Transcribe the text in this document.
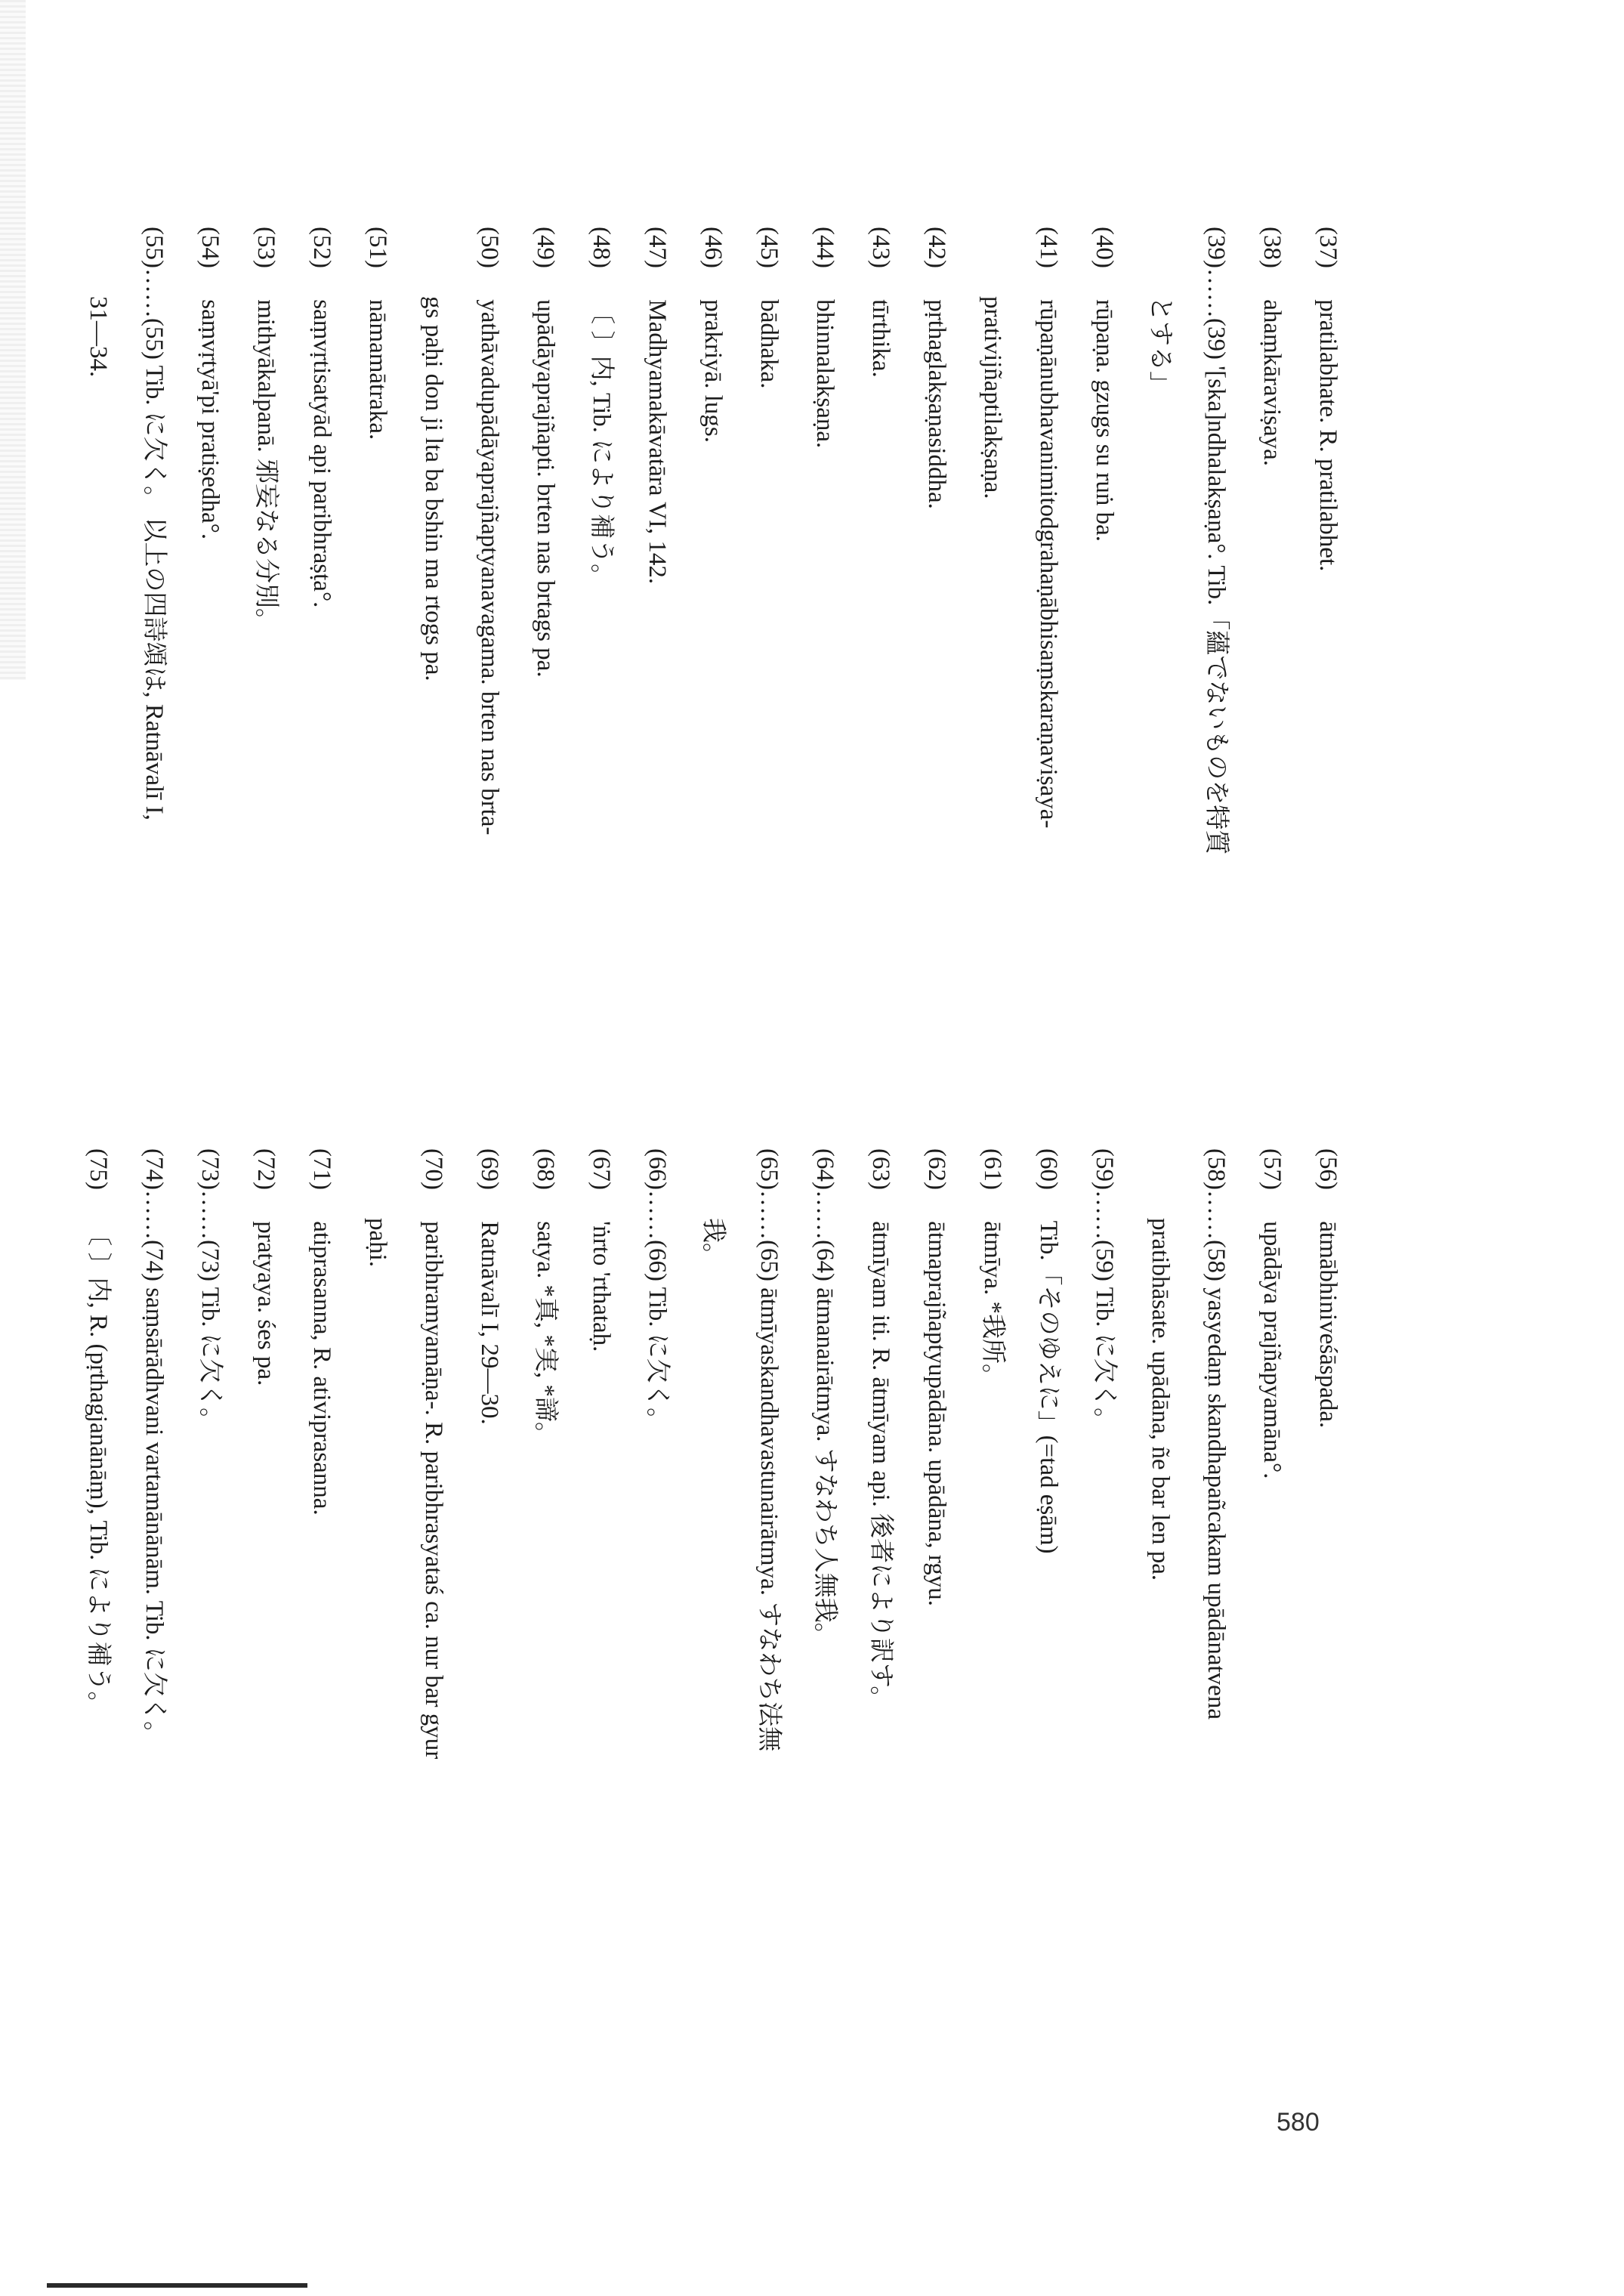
(37) pratilabhate. R. pratilabhet.
(38) ahaṃkāraviṣaya.
(39)……(39) '[ska]ndhalakṣaṇa°. Tib.「蘊でないものを特質
とする」
(40) rūpaṇa. gzugs su ruṅ ba.
(41) rūpaṇānubhavanimitodgrahaṇābhisaṃskaraṇaviṣaya-
prativijñaptilakṣaṇa.
(42) pṛthaglakṣaṇasiddha.
(43) tīrthika.
(44) bhinnalakṣaṇa.
(45) bādhaka.
(46) prakriyā. lugs.
(47) Madhyamakāvatāra VI, 142.
(48) 〔 〕内, Tib. により補う。
(49) upādāyaprajñapti. brten nas brtags pa.
(50) yathāvadupādāyaprajñaptyanavagama. brten nas brta-
gs paḥi don ji lta ba bshin ma rtogs pa.
(51) nāmamātraka.
(52) saṃvṛtisatyād api paribhraṣṭa°.
(53) mithyākalpanā. 邪妄なる分別。
(54) saṃvṛtyā'pi pratiṣedha°.
(55)……(55) Tib. に欠く。 以上の四詩頌は, Ratnāvalī I,
31—34.
(56) ātmābhiniveśāspada.
(57) upādāya prajñapyamāna°.
(58)……(58) yasyedaṃ skandhapañcakam upādānatvena
pratibhāsate. upādāna, ñe bar len pa.
(59)……(59) Tib. に欠く。
(60) Tib.「そのゆえに」(=tad eṣām)
(61) ātmīya. *我所。
(62) ātmaprajñaptyupādāna. upādāna, rgyu.
(63) ātmīyam iti. R. ātmīyam api. 後者により訳す。
(64)……(64) ātmanairātmya. すなわち人無我。
(65)……(65) ātmīyaskandhavastunairātmya. すなわち法無
我。
(66)……(66) Tib. に欠く。
(67) 'ṅrto 'rthataḥ.
(68) satya. *真, *実, *諦。
(69) Ratnāvalī I, 29—30.
(70) paribhramyamāṇa-. R. paribhrasyataś ca. nur bar gyur
paḥi.
(71) atiprasanna, R. ativiprasanna.
(72) pratyaya. śes pa.
(73)……(73) Tib. に欠く。
(74)……(74) saṃsārādhvani vartamānānām. Tib. に欠く。
(75) 〔 〕内, R. (pṛthagjanānāṃ), Tib. により補う。
580
